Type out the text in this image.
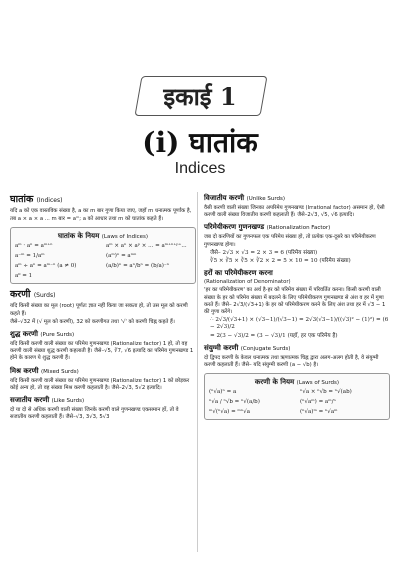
इकाई 1
(i) घातांक
Indices
घातांक (Indices)
यदि a को एक वास्तविक संख्या है, a का m बार गुणा किया जाए, जहाँ m धनात्मक पूर्णांक है,
तब a × a × a ... m बार = aᵐ; a को आधार तथा m को घातांक कहते हैं।
घातांक के नियम (Laws of Indices)
aᵐ · aⁿ = aᵐ⁺ⁿ	aᵐ × aⁿ × aᵖ × ... = aᵐ⁺ⁿ⁺ᵖ⁺...
a⁻ᵐ = 1/aᵐ	(aᵐ)ⁿ = aᵐⁿ
aᵐ ÷ aⁿ = aᵐ⁻ⁿ (a ≠ 0)	(a/b)ⁿ = aⁿ/bⁿ = (b/a)⁻ⁿ
a⁰ = 1
करणी (Surds)
यदि किसी संख्या का मूल (root) पूर्णतः ज्ञात नहीं किया जा सकता हो, तो उस मूल को करणी कहते हैं।
जैसे–√32 में (√ मूल को करणी), 32 को करणीगत तथा '√' को करणी चिह्न कहते हैं।
शुद्ध करणी (Pure Surds)
यदि किसी करणी वाली संख्या का परिमेय गुणनखण्ड (Rationalize factor) 1 हो, तो वह करणी वाली संख्या शुद्ध करणी कहलाती है। जैसे–√5, ∛7, √6 इत्यादि का परिमेय गुणनखण्ड 1 होने के कारण ये शुद्ध करणी हैं।
मिश्र करणी (Mixed Surds)
यदि किसी करणी वाली संख्या का परिमेय गुणनखण्ड (Rationalize factor) 1 को छोड़कर कोई अन्य हो, तो वह संख्या मिश्र करणी कहलाती है। जैसे–2√3, 5√2 इत्यादि।
सजातीय करणी (Like Surds)
दो या दो से अधिक करणी वाली संख्या जिनके करणी वाले गुणनखण्ड एकसमान हों, तो वे सजातीय करणी कहलाती हैं। जैसे–√3, 3√3, 5√3
विजातीय करणी (Unlike Surds)
वैसी करणी वाली संख्या जिनका अपरिमेय गुणनखण्ड (Irrational factor) असमान हो, ऐसी करणी वाली संख्या विजातीय करणी कहलाती हैं। जैसे–2√3, √5, √6 इत्यादि।
परिमेयीकरण गुणनखण्ड (Rationalization Factor)
जब दो करणियों का गुणनफल एक परिमेय संख्या हो, तो प्रत्येक एक-दूसरे का परिमेयीकरण गुणनखण्ड होगा।
जैसे– 2√3 × √3 = 2 × 3 = 6 (परिमेय संख्या)
∛5 × ∛5 × ∛5 × ∛2 × 2 = 5 × 10 = 10 (परिमेय संख्या)
हरों का परिमेयीकरण करना
(Rationalization of Denominator)
'हर का परिमेयीकरण' का अर्थ है-हर को परिमेय संख्या में परिवर्तित करना। किसी करणी वाली संख्या के हर को परिमेय संख्या में बदलने के लिए परिमेयीकरण गुणनखण्ड से अंश व हर में गुणा करते हैं। जैसे– 2√3/(√3+1) के हर को परिमेयीकरण करने के लिए अंश तथा हर में √3 − 1 की गुणा करेंगे।
∴ 2√3/(√3+1) × (√3−1)/(√3−1) = 2√3(√3−1)/((√3)² − (1)²) = (6 − 2√3)/2
= 2(3 − √3)/2 = (3 − √3)/1 (यहाँ, हर एक परिमेय है)
संयुग्मी करणी (Conjugate Surds)
दो द्विपद करणी के केवल धनात्मक तथा ऋणात्मक चिह्न द्वारा अलग-अलग होती है, वे संयुग्मी करणी कहलाती हैं। जैसे– यदि संयुग्मी करणी (a − √b) है।
करणी के नियम (Laws of Surds)
(ⁿ√a)ⁿ = a	ⁿ√a × ⁿ√b = ⁿ√(ab)
ⁿ√a / ⁿ√b = ⁿ√(a/b)	(ⁿ√aᵐ) = aᵐ/ⁿ
ᵐ√(ⁿ√a) = ᵐⁿ√a	(ⁿ√a)ᵐ = ⁿ√aᵐ
